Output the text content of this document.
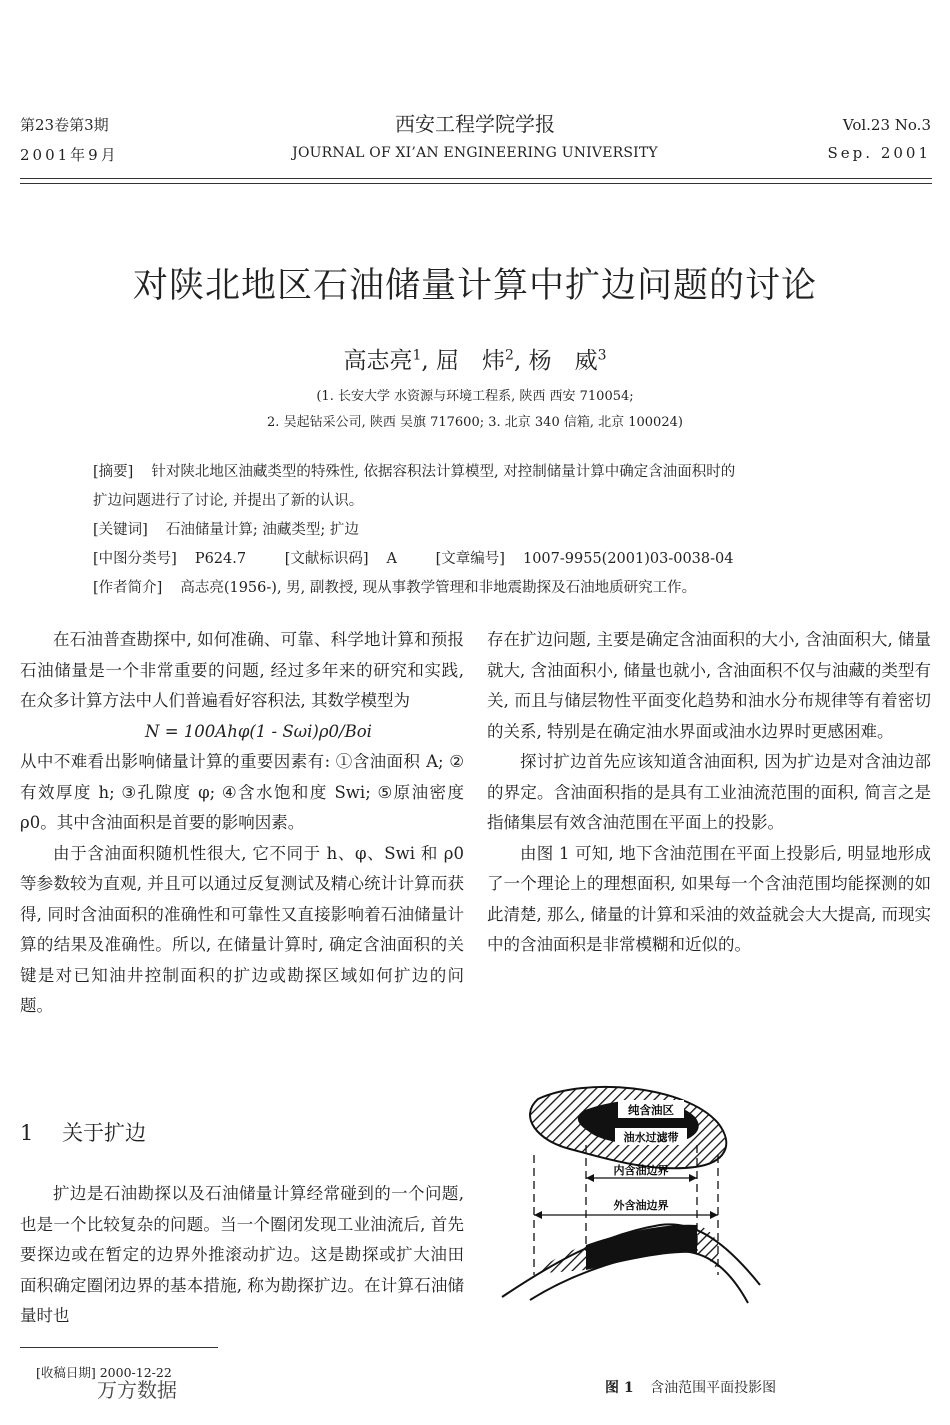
第23卷第3期
2001年9月
西安工程学院学报
JOURNAL OF XI’AN ENGINEERING UNIVERSITY
Vol.23 No.3
Sep. 2001
对陕北地区石油储量计算中扩边问题的讨论
高志亮$^1$, 屈　炜$^2$, 杨　威$^3$
(1. 长安大学 水资源与环境工程系, 陕西 西安 710054;
2. 吴起钻采公司, 陕西 吴旗 717600; 3. 北京 340 信箱, 北京 100024)
[摘要] 针对陕北地区油藏类型的特殊性, 依据容积法计算模型, 对控制储量计算中确定含油面积时的
扩边问题进行了讨论, 并提出了新的认识。
[关键词] 石油储量计算; 油藏类型; 扩边
[中图分类号] P624.7	[文献标识码] A	[文章编号] 1007-9955(2001)03-0038-04
[作者简介] 高志亮(1956-), 男, 副教授, 现从事教学管理和非地震勘探及石油地质研究工作。

在石油普查勘探中, 如何准确、可靠、科学地计算和预报石油储量是一个非常重要的问题, 经过多年来的研究和实践, 在众多计算方法中人们普遍看好容积法, 其数学模型为

N = 100Ahφ(1 - Sωi)ρ0/Boi

从中不难看出影响储量计算的重要因素有: ①含油面积 A; ②有效厚度 h; ③孔隙度 φ; ④含水饱和度 Swi; ⑤原油密度 ρ0。其中含油面积是首要的影响因素。

由于含油面积随机性很大, 它不同于 h、φ、Swi 和 ρ0 等参数较为直观, 并且可以通过反复测试及精心统计计算而获得, 同时含油面积的准确性和可靠性又直接影响着石油储量计算的结果及准确性。所以, 在储量计算时, 确定含油面积的关键是对已知油井控制面积的扩边或勘探区域如何扩边的问题。

1 关于扩边

扩边是石油勘探以及石油储量计算经常碰到的一个问题, 也是一个比较复杂的问题。当一个圈闭发现工业油流后, 首先要探边或在暂定的边界外推滚动扩边。这是勘探或扩大油田面积确定圈闭边界的基本措施, 称为勘探扩边。在计算石油储量时也

存在扩边问题, 主要是确定含油面积的大小, 含油面积大, 储量就大, 含油面积小, 储量也就小, 含油面积不仅与油藏的类型有关, 而且与储层物性平面变化趋势和油水分布规律等有着密切的关系, 特别是在确定油水界面或油水边界时更感困难。

探讨扩边首先应该知道含油面积, 因为扩边是对含油边部的界定。含油面积指的是具有工业油流范围的面积, 简言之是指储集层有效含油范围在平面上的投影。

由图 1 可知, 地下含油范围在平面上投影后, 明显地形成了一个理论上的理想面积, 如果每一个含油范围均能探测的如此清楚, 那么, 储量的计算和采油的效益就会大大提高, 而现实中的含油面积是非常模糊和近似的。

纯含油区
油水过滤带
内含油边界
外含油边界
图 1 含油范围平面投影图
[收稿日期] 2000-12-22
万方数据
